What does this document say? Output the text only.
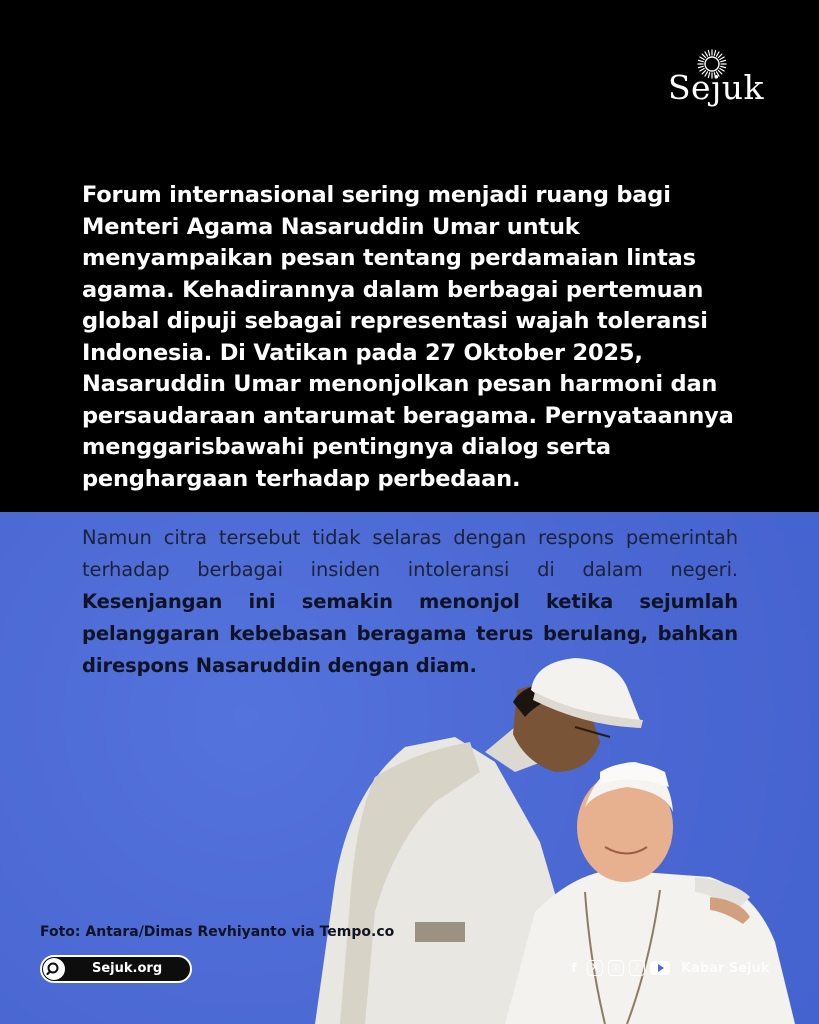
Sejuk

Forum internasional sering menjadi ruang bagi Menteri Agama Nasaruddin Umar untuk menyampaikan pesan tentang perdamaian lintas agama. Kehadirannya dalam berbagai pertemuan global dipuji sebagai representasi wajah toleransi Indonesia. Di Vatikan pada 27 Oktober 2025, Nasaruddin Umar menonjolkan pesan harmoni dan persaudaraan antarumat beragama. Pernyataannya menggarisbawahi pentingnya dialog serta penghargaan terhadap perbedaan.

Namun citra tersebut tidak selaras dengan respons pemerintah terhadap berbagai insiden intoleransi di dalam negeri. Kesenjangan ini semakin menonjol ketika sejumlah pelanggaran kebebasan beragama terus berulang, bahkan direspons Nasaruddin dengan diam.

Foto: Antara/Dimas Revhiyanto via Tempo.co

Sejuk.org	f	X	◎	♪	Kabar Sejuk
